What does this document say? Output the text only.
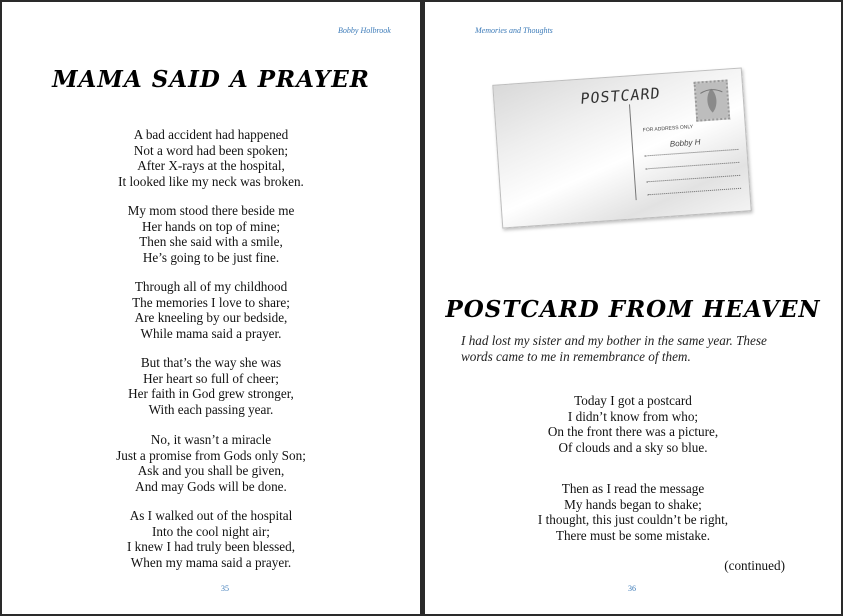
Bobby Holbrook
MAMA SAID A PRAYER
A bad accident had happened
Not a word had been spoken;
After X-rays at the hospital,
It looked like my neck was broken.
My mom stood there beside me
Her hands on top of mine;
Then she said with a smile,
He’s going to be just fine.
Through all of my childhood
The memories I love to share;
Are kneeling by our bedside,
While mama said a prayer.
But that’s the way she was
Her heart so full of cheer;
Her faith in God grew stronger,
With each passing year.
No, it wasn’t a miracle
Just a promise from Gods only Son;
Ask and you shall be given,
And may Gods will be done.
As I walked out of the hospital
Into the cool night air;
I knew I had truly been blessed,
When my mama said a prayer.
35
Memories and Thoughts
POSTCARD
FOR ADDRESS ONLY
Bobby H
POSTCARD FROM HEAVEN
I had lost my sister and my bother in the same year. These words came to me in remembrance of them.
Today I got a postcard
I didn’t know from who;
On the front there was a picture,
Of clouds and a sky so blue.
Then as I read the message
My hands began to shake;
I thought, this just couldn’t be right,
There must be some mistake.
(continued)
36
